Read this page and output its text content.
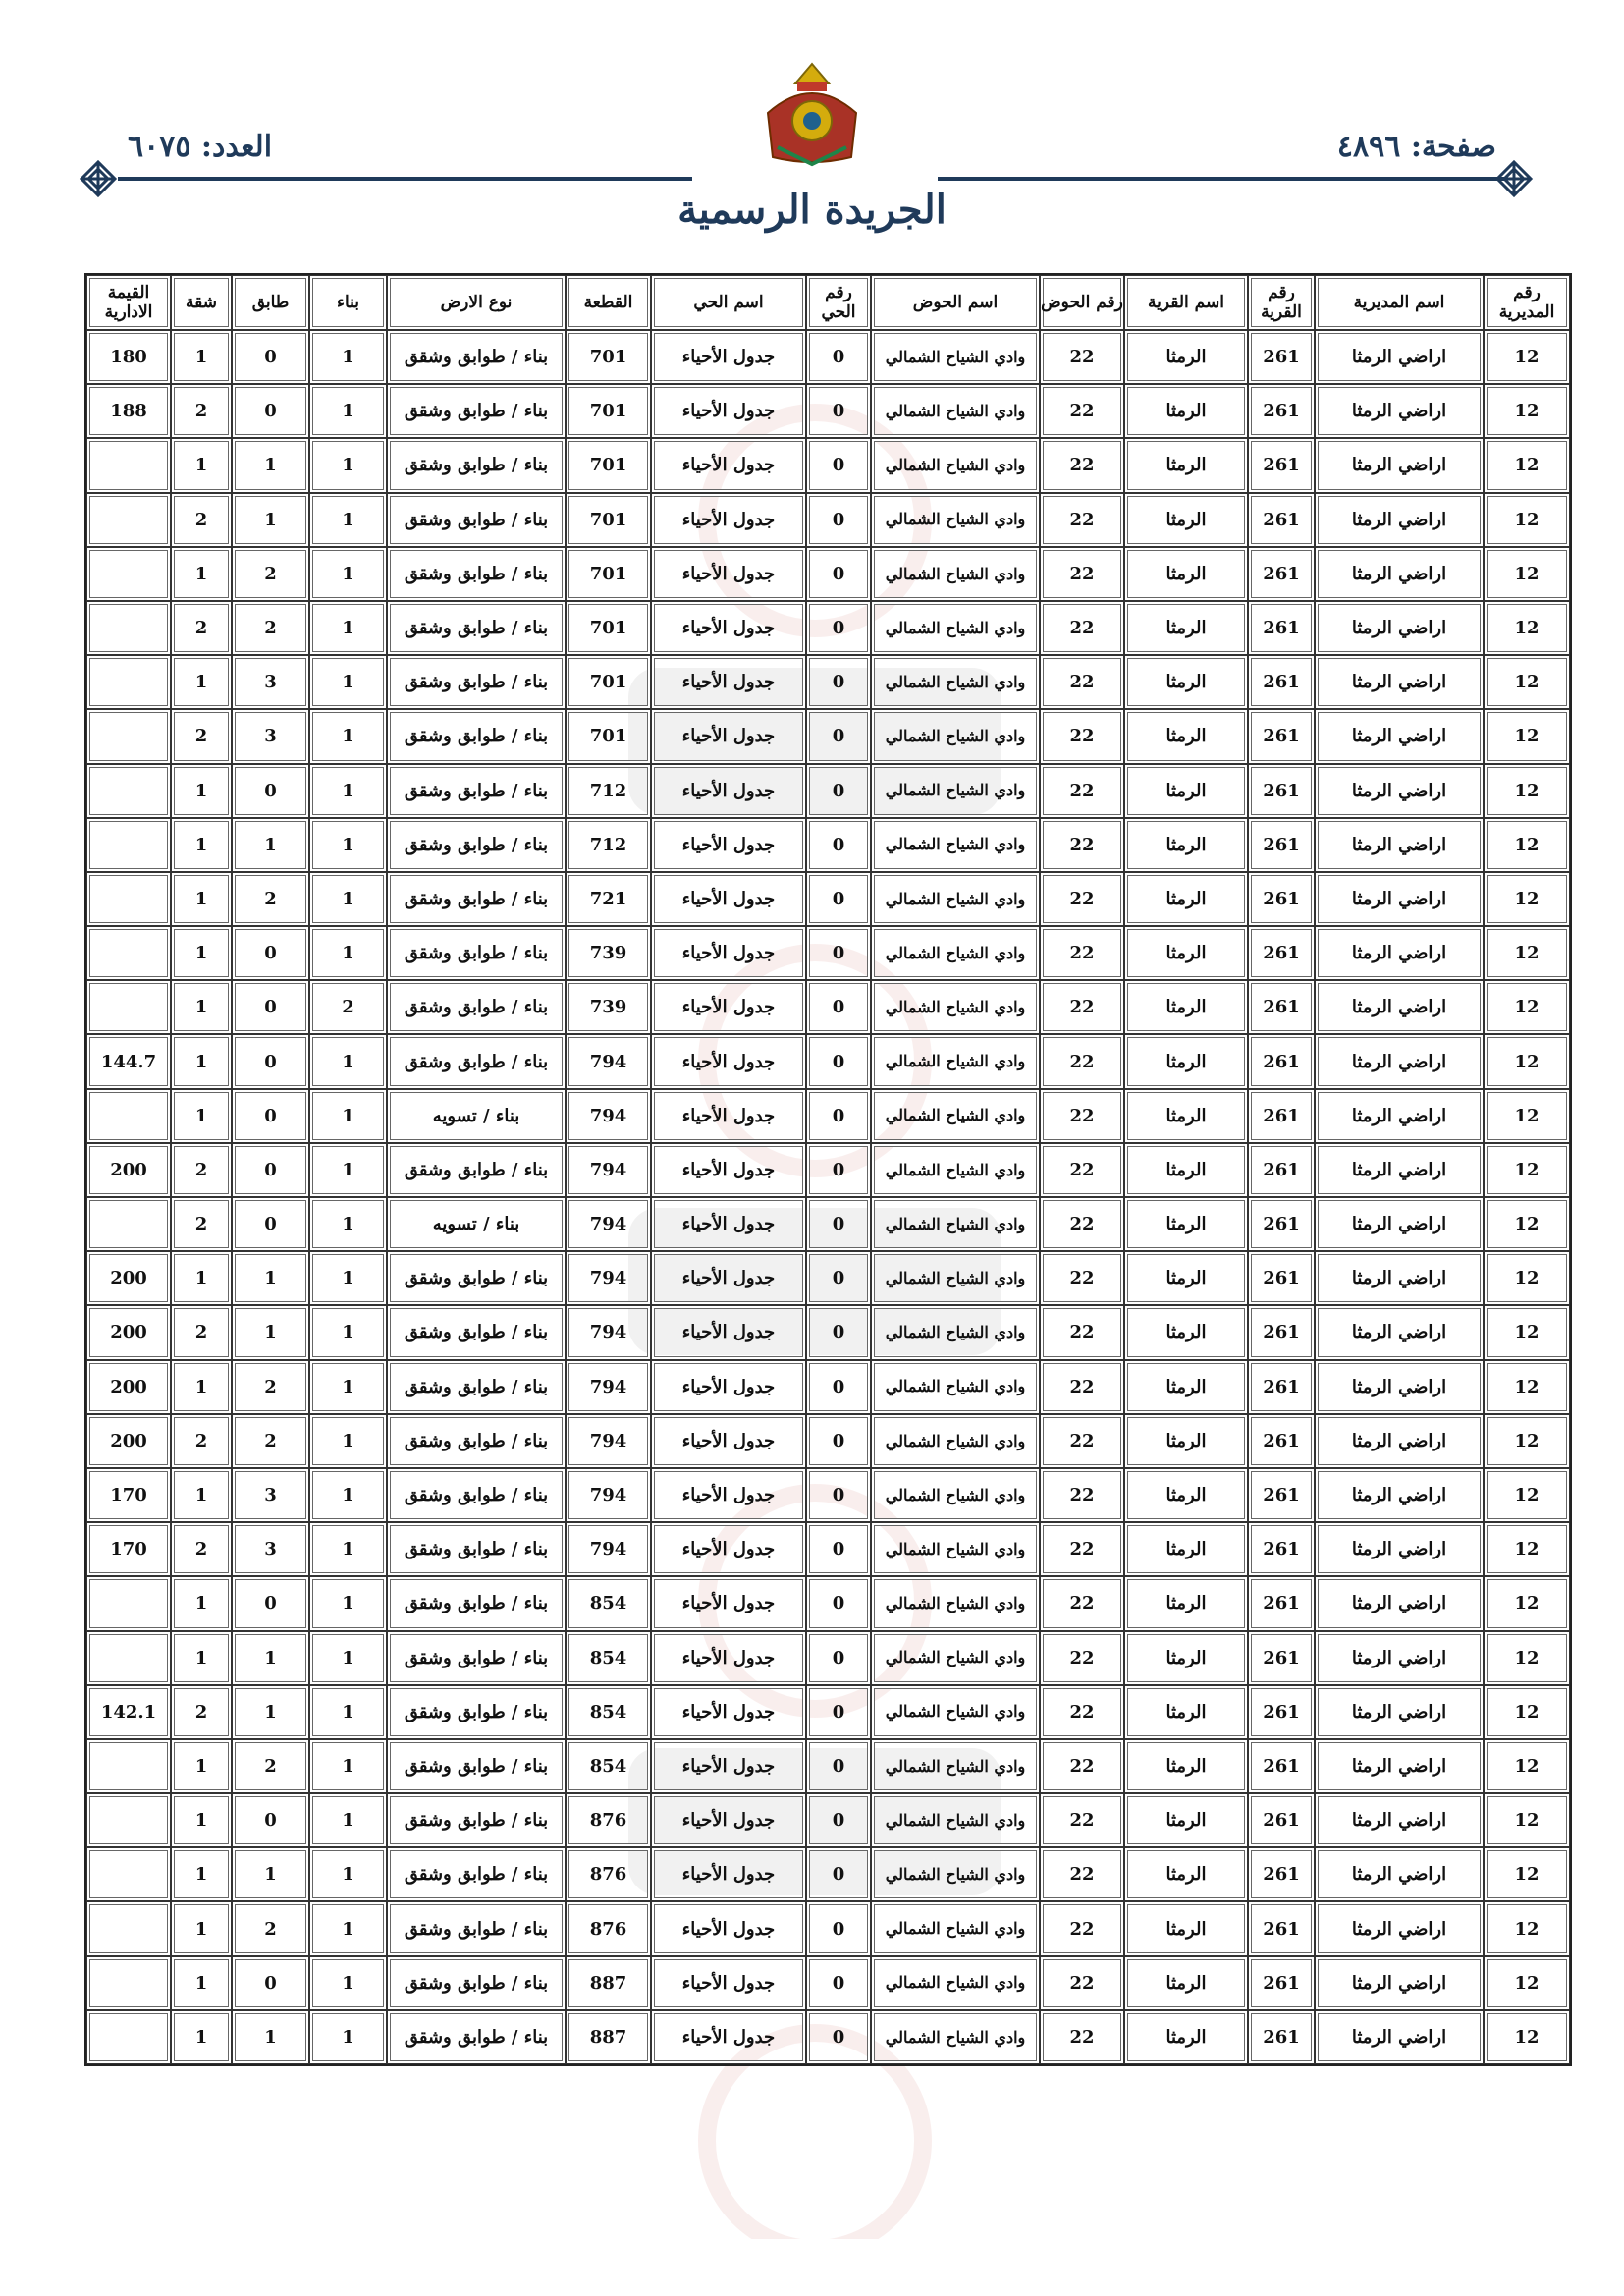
صفحة: ٤٨٩٦
العدد: ٦٠٧٥
الجريدة الرسمية
رقم المديرية	اسم المديرية	رقم القرية	اسم القرية	رقم الحوض	اسم الحوض	رقم الحي	اسم الحي	القطعة	نوع الارض	بناء	طابق	شقة	القيمة الادارية
12	اراضي الرمثا	261	الرمثا	22	وادي الشياح الشمالي	0	جدول الأحياء	701	بناء / طوابق وشقق	1	0	1	180
12	اراضي الرمثا	261	الرمثا	22	وادي الشياح الشمالي	0	جدول الأحياء	701	بناء / طوابق وشقق	1	0	2	188
12	اراضي الرمثا	261	الرمثا	22	وادي الشياح الشمالي	0	جدول الأحياء	701	بناء / طوابق وشقق	1	1	1	
12	اراضي الرمثا	261	الرمثا	22	وادي الشياح الشمالي	0	جدول الأحياء	701	بناء / طوابق وشقق	1	1	2	
12	اراضي الرمثا	261	الرمثا	22	وادي الشياح الشمالي	0	جدول الأحياء	701	بناء / طوابق وشقق	1	2	1	
12	اراضي الرمثا	261	الرمثا	22	وادي الشياح الشمالي	0	جدول الأحياء	701	بناء / طوابق وشقق	1	2	2	
12	اراضي الرمثا	261	الرمثا	22	وادي الشياح الشمالي	0	جدول الأحياء	701	بناء / طوابق وشقق	1	3	1	
12	اراضي الرمثا	261	الرمثا	22	وادي الشياح الشمالي	0	جدول الأحياء	701	بناء / طوابق وشقق	1	3	2	
12	اراضي الرمثا	261	الرمثا	22	وادي الشياح الشمالي	0	جدول الأحياء	712	بناء / طوابق وشقق	1	0	1	
12	اراضي الرمثا	261	الرمثا	22	وادي الشياح الشمالي	0	جدول الأحياء	712	بناء / طوابق وشقق	1	1	1	
12	اراضي الرمثا	261	الرمثا	22	وادي الشياح الشمالي	0	جدول الأحياء	721	بناء / طوابق وشقق	1	2	1	
12	اراضي الرمثا	261	الرمثا	22	وادي الشياح الشمالي	0	جدول الأحياء	739	بناء / طوابق وشقق	1	0	1	
12	اراضي الرمثا	261	الرمثا	22	وادي الشياح الشمالي	0	جدول الأحياء	739	بناء / طوابق وشقق	2	0	1	
12	اراضي الرمثا	261	الرمثا	22	وادي الشياح الشمالي	0	جدول الأحياء	794	بناء / طوابق وشقق	1	0	1	144.7
12	اراضي الرمثا	261	الرمثا	22	وادي الشياح الشمالي	0	جدول الأحياء	794	بناء / تسويه	1	0	1	
12	اراضي الرمثا	261	الرمثا	22	وادي الشياح الشمالي	0	جدول الأحياء	794	بناء / طوابق وشقق	1	0	2	200
12	اراضي الرمثا	261	الرمثا	22	وادي الشياح الشمالي	0	جدول الأحياء	794	بناء / تسويه	1	0	2	
12	اراضي الرمثا	261	الرمثا	22	وادي الشياح الشمالي	0	جدول الأحياء	794	بناء / طوابق وشقق	1	1	1	200
12	اراضي الرمثا	261	الرمثا	22	وادي الشياح الشمالي	0	جدول الأحياء	794	بناء / طوابق وشقق	1	1	2	200
12	اراضي الرمثا	261	الرمثا	22	وادي الشياح الشمالي	0	جدول الأحياء	794	بناء / طوابق وشقق	1	2	1	200
12	اراضي الرمثا	261	الرمثا	22	وادي الشياح الشمالي	0	جدول الأحياء	794	بناء / طوابق وشقق	1	2	2	200
12	اراضي الرمثا	261	الرمثا	22	وادي الشياح الشمالي	0	جدول الأحياء	794	بناء / طوابق وشقق	1	3	1	170
12	اراضي الرمثا	261	الرمثا	22	وادي الشياح الشمالي	0	جدول الأحياء	794	بناء / طوابق وشقق	1	3	2	170
12	اراضي الرمثا	261	الرمثا	22	وادي الشياح الشمالي	0	جدول الأحياء	854	بناء / طوابق وشقق	1	0	1	
12	اراضي الرمثا	261	الرمثا	22	وادي الشياح الشمالي	0	جدول الأحياء	854	بناء / طوابق وشقق	1	1	1	
12	اراضي الرمثا	261	الرمثا	22	وادي الشياح الشمالي	0	جدول الأحياء	854	بناء / طوابق وشقق	1	1	2	142.1
12	اراضي الرمثا	261	الرمثا	22	وادي الشياح الشمالي	0	جدول الأحياء	854	بناء / طوابق وشقق	1	2	1	
12	اراضي الرمثا	261	الرمثا	22	وادي الشياح الشمالي	0	جدول الأحياء	876	بناء / طوابق وشقق	1	0	1	
12	اراضي الرمثا	261	الرمثا	22	وادي الشياح الشمالي	0	جدول الأحياء	876	بناء / طوابق وشقق	1	1	1	
12	اراضي الرمثا	261	الرمثا	22	وادي الشياح الشمالي	0	جدول الأحياء	876	بناء / طوابق وشقق	1	2	1	
12	اراضي الرمثا	261	الرمثا	22	وادي الشياح الشمالي	0	جدول الأحياء	887	بناء / طوابق وشقق	1	0	1	
12	اراضي الرمثا	261	الرمثا	22	وادي الشياح الشمالي	0	جدول الأحياء	887	بناء / طوابق وشقق	1	1	1	
